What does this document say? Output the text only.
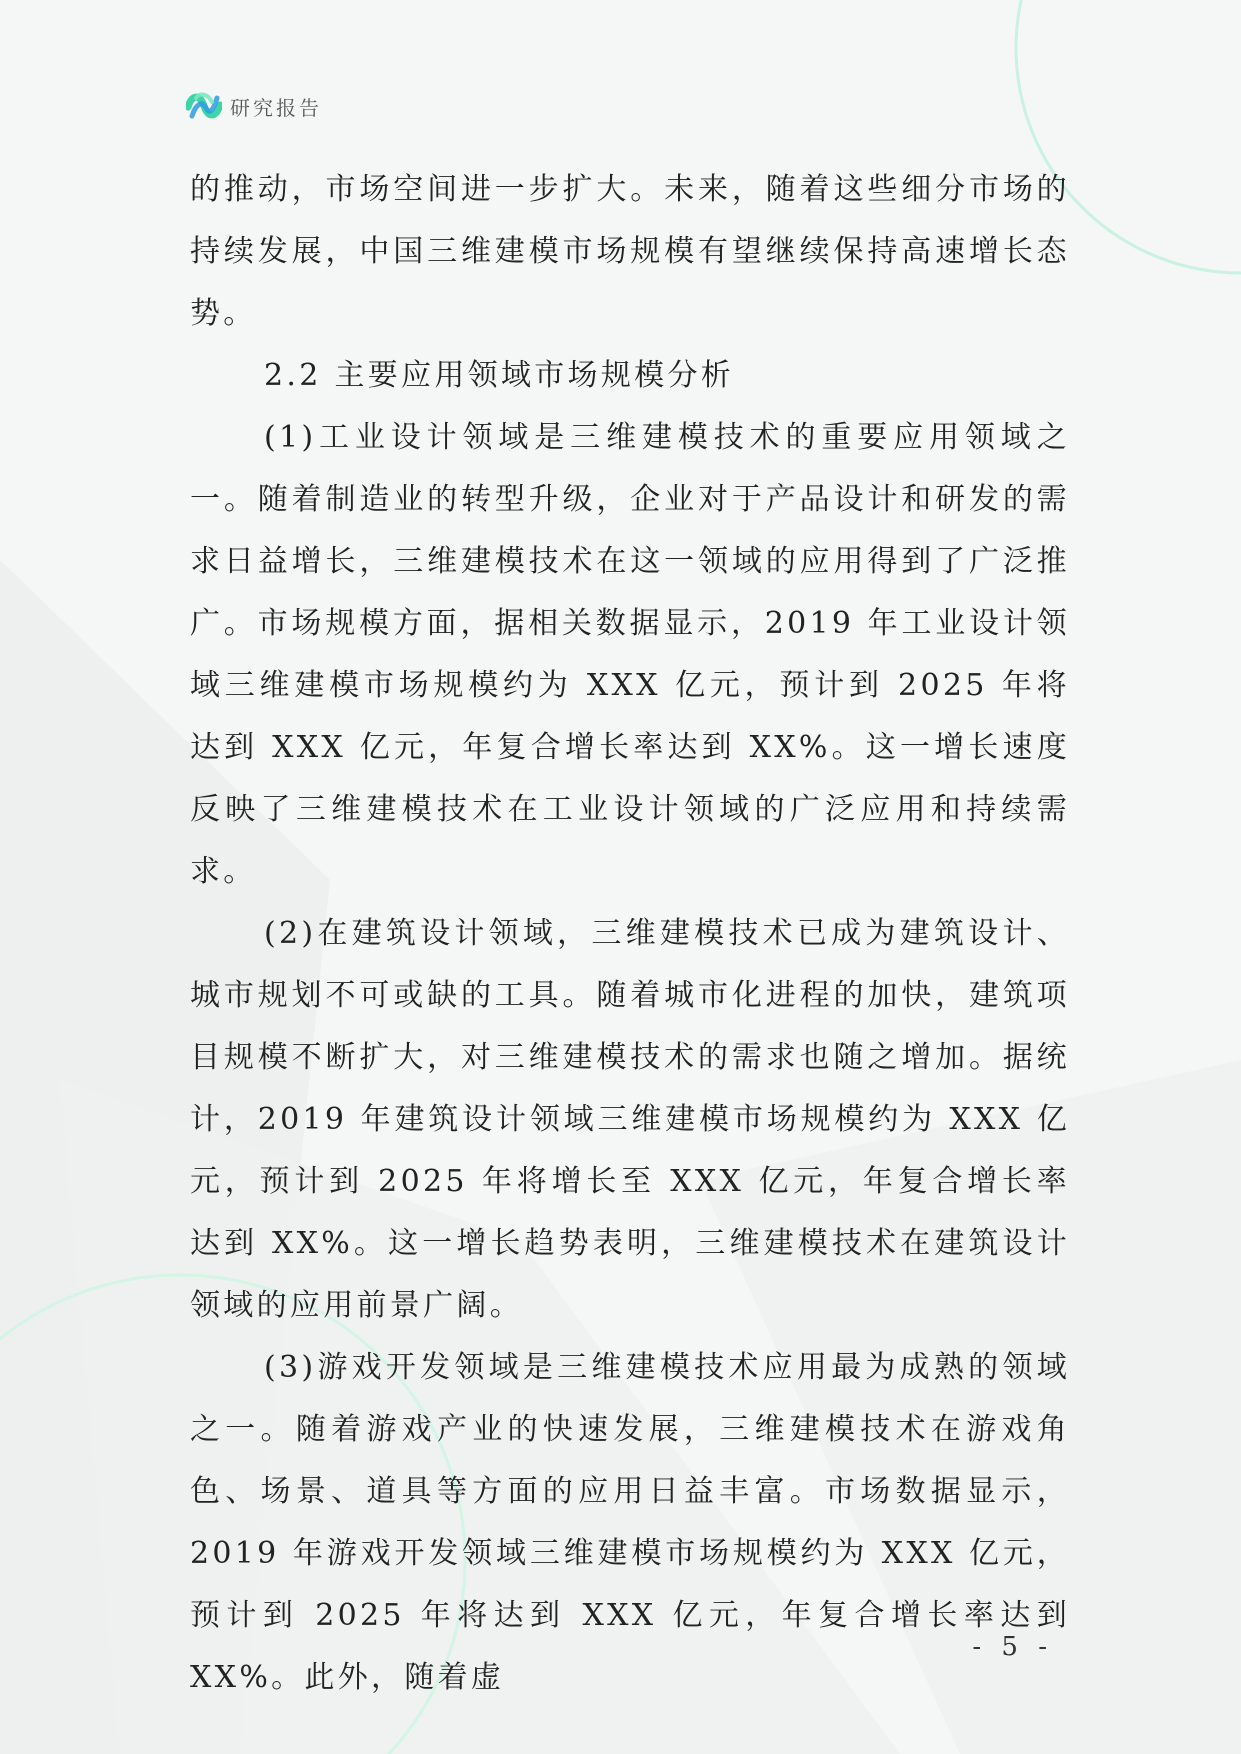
研究报告

的推动，市场空间进一步扩大。未来，随着这些细分市场的持续发展，中国三维建模市场规模有望继续保持高速增长态势。

2.2 主要应用领域市场规模分析

(1)工业设计领域是三维建模技术的重要应用领域之一。随着制造业的转型升级，企业对于产品设计和研发的需求日益增长，三维建模技术在这一领域的应用得到了广泛推广。市场规模方面，据相关数据显示，2019 年工业设计领域三维建模市场规模约为 XXX 亿元，预计到 2025 年将达到 XXX 亿元，年复合增长率达到 XX%。这一增长速度反映了三维建模技术在工业设计领域的广泛应用和持续需求。

(2)在建筑设计领域，三维建模技术已成为建筑设计、城市规划不可或缺的工具。随着城市化进程的加快，建筑项目规模不断扩大，对三维建模技术的需求也随之增加。据统计，2019 年建筑设计领域三维建模市场规模约为 XXX 亿元，预计到 2025 年将增长至 XXX 亿元，年复合增长率达到 XX%。这一增长趋势表明，三维建模技术在建筑设计领域的应用前景广阔。

(3)游戏开发领域是三维建模技术应用最为成熟的领域之一。随着游戏产业的快速发展，三维建模技术在游戏角色、场景、道具等方面的应用日益丰富。市场数据显示，2019 年游戏开发领域三维建模市场规模约为 XXX 亿元，预计到 2025 年将达到 XXX 亿元，年复合增长率达到 XX%。此外，随着虚

- 5 -
